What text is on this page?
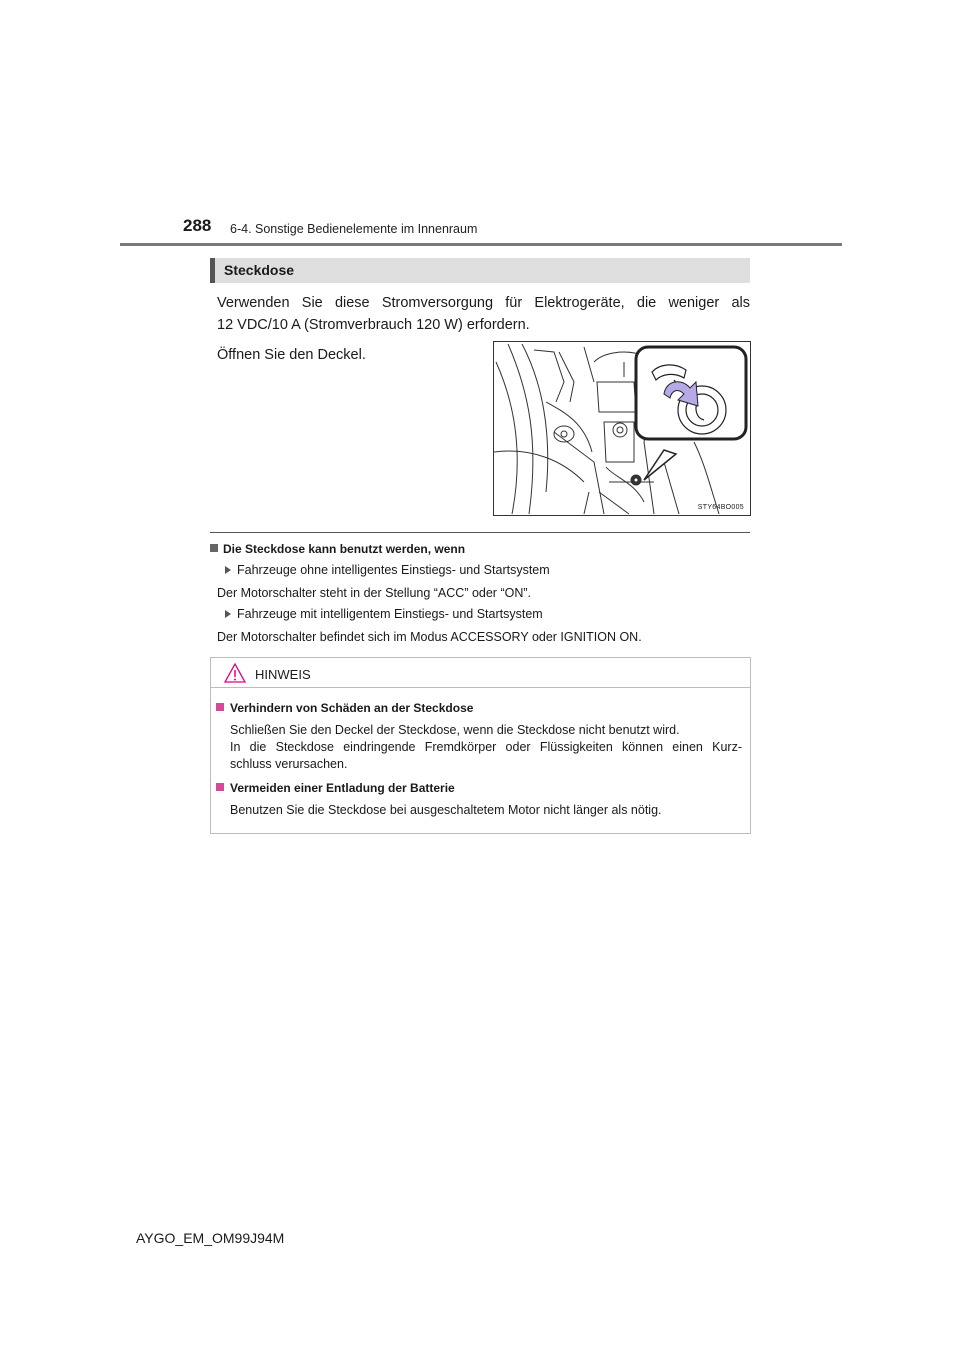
288 6-4. Sonstige Bedienelemente im Innenraum
Steckdose
Verwenden Sie diese Stromversorgung für Elektrogeräte, die weniger als
12 VDC/10 A (Stromverbrauch 120 W) erfordern.
Öffnen Sie den Deckel.
STY64BO005
Die Steckdose kann benutzt werden, wenn
Fahrzeuge ohne intelligentes Einstiegs- und Startsystem
Der Motorschalter steht in der Stellung “ACC” oder “ON”.
Fahrzeuge mit intelligentem Einstiegs- und Startsystem
Der Motorschalter befindet sich im Modus ACCESSORY oder IGNITION ON.
HINWEIS
Verhindern von Schäden an der Steckdose
Schließen Sie den Deckel der Steckdose, wenn die Steckdose nicht benutzt wird.
In die Steckdose eindringende Fremdkörper oder Flüssigkeiten können einen Kurz-
schluss verursachen.
Vermeiden einer Entladung der Batterie
Benutzen Sie die Steckdose bei ausgeschaltetem Motor nicht länger als nötig.
AYGO_EM_OM99J94M
